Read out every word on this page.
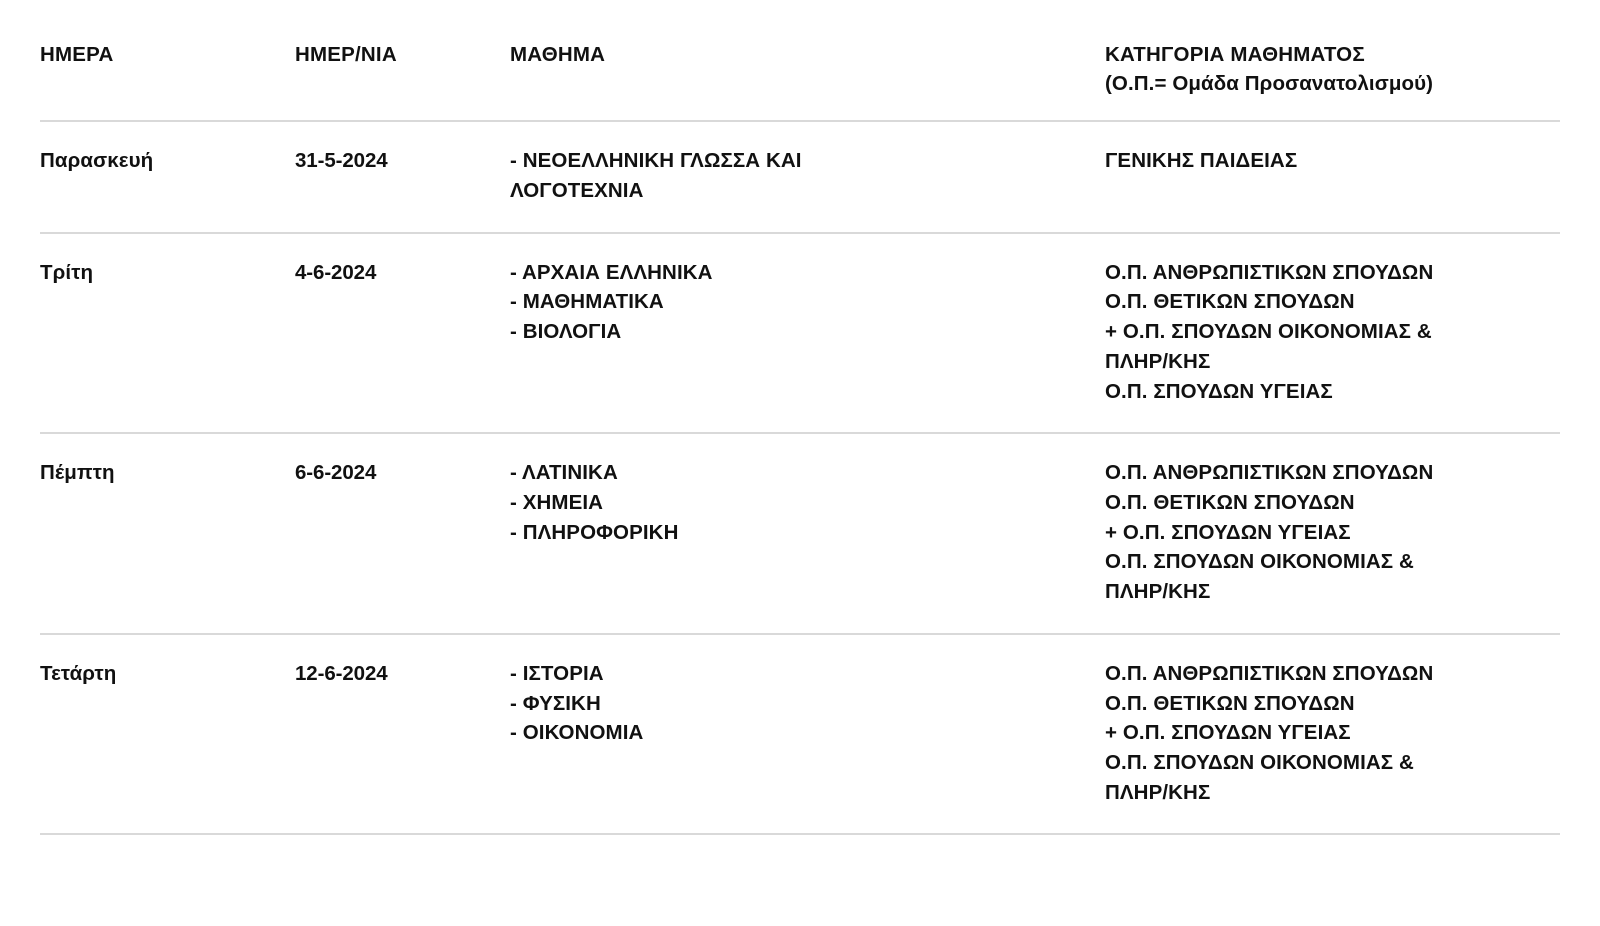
ΗΜΕΡΑ	ΗΜΕΡ/ΝΙΑ	ΜΑΘΗΜΑ	ΚΑΤΗΓΟΡΙΑ ΜΑΘΗΜΑΤΟΣ
(Ο.Π.= Ομάδα Προσανατολισμού)

Παρασκευή	31-5-2024	- ΝΕΟΕΛΛΗΝΙΚΗ ΓΛΩΣΣΑ ΚΑΙ
ΛΟΓΟΤΕΧΝΙΑ	ΓΕΝΙΚΗΣ ΠΑΙΔΕΙΑΣ

Τρίτη	4-6-2024	- ΑΡΧΑΙΑ ΕΛΛΗΝΙΚΑ
- ΜΑΘΗΜΑΤΙΚΑ
- ΒΙΟΛΟΓΙΑ	Ο.Π. ΑΝΘΡΩΠΙΣΤΙΚΩΝ ΣΠΟΥΔΩΝ
Ο.Π. ΘΕΤΙΚΩΝ ΣΠΟΥΔΩΝ
+ Ο.Π. ΣΠΟΥΔΩΝ ΟΙΚΟΝΟΜΙΑΣ &
ΠΛΗΡ/ΚΗΣ
Ο.Π. ΣΠΟΥΔΩΝ ΥΓΕΙΑΣ

Πέμπτη	6-6-2024	- ΛΑΤΙΝΙΚΑ
- ΧΗΜΕΙΑ
- ΠΛΗΡΟΦΟΡΙΚΗ	Ο.Π. ΑΝΘΡΩΠΙΣΤΙΚΩΝ ΣΠΟΥΔΩΝ
Ο.Π. ΘΕΤΙΚΩΝ ΣΠΟΥΔΩΝ
+ Ο.Π. ΣΠΟΥΔΩΝ ΥΓΕΙΑΣ
Ο.Π. ΣΠΟΥΔΩΝ ΟΙΚΟΝΟΜΙΑΣ &
ΠΛΗΡ/ΚΗΣ

Τετάρτη	12-6-2024	- ΙΣΤΟΡΙΑ
- ΦΥΣΙΚΗ
- ΟΙΚΟΝΟΜΙΑ	Ο.Π. ΑΝΘΡΩΠΙΣΤΙΚΩΝ ΣΠΟΥΔΩΝ
Ο.Π. ΘΕΤΙΚΩΝ ΣΠΟΥΔΩΝ
+ Ο.Π. ΣΠΟΥΔΩΝ ΥΓΕΙΑΣ
Ο.Π. ΣΠΟΥΔΩΝ ΟΙΚΟΝΟΜΙΑΣ &
ΠΛΗΡ/ΚΗΣ
